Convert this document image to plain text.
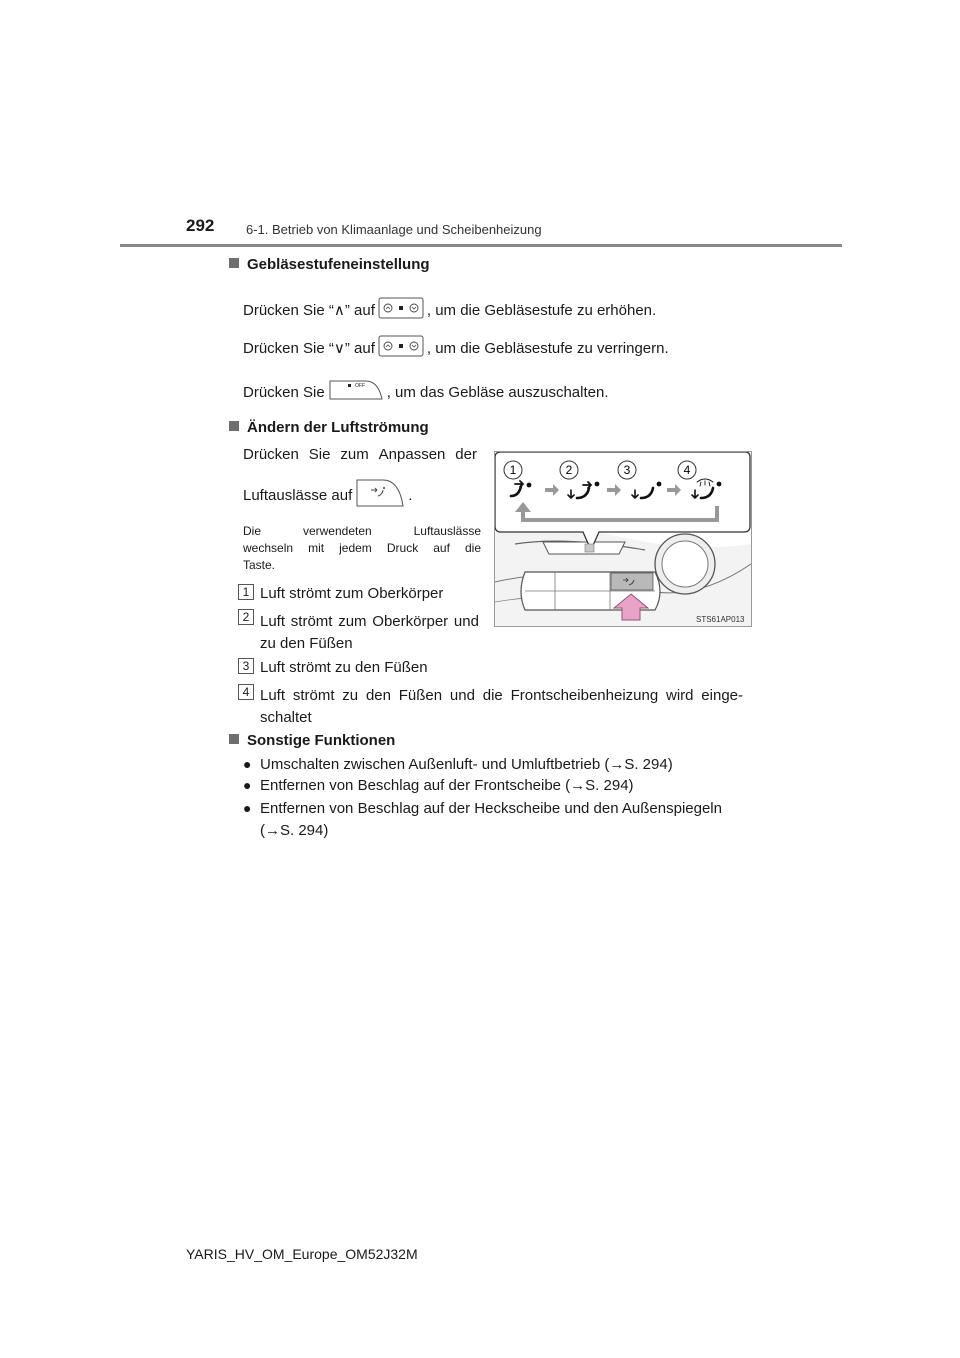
292 6-1. Betrieb von Klimaanlage und Scheibenheizung
Gebläsestufeneinstellung
Drücken Sie “∧” auf	, um die Gebläsestufe zu erhöhen.
Drücken Sie “∨” auf	, um die Gebläsestufe zu verringern.
Drücken Sie	OFF , um das Gebläse auszuschalten.
Ändern der Luftströmung
Drücken Sie zum Anpassen der
Luftauslässe auf	.
Die verwendeten Luftauslässe
wechseln mit jedem Druck auf die
Taste.
1 Luft strömt zum Oberkörper
2 Luft strömt zum Oberkörper und
zu den Füßen
3 Luft strömt zu den Füßen
4 Luft strömt zu den Füßen und die Frontscheibenheizung wird einge-
schaltet
1	2	3	4
STS61AP013
Sonstige Funktionen
● Umschalten zwischen Außenluft- und Umluftbetrieb (→S. 294)
● Entfernen von Beschlag auf der Frontscheibe (→S. 294)
● Entfernen von Beschlag auf der Heckscheibe und den Außenspiegeln
(→S. 294)
YARIS_HV_OM_Europe_OM52J32M
